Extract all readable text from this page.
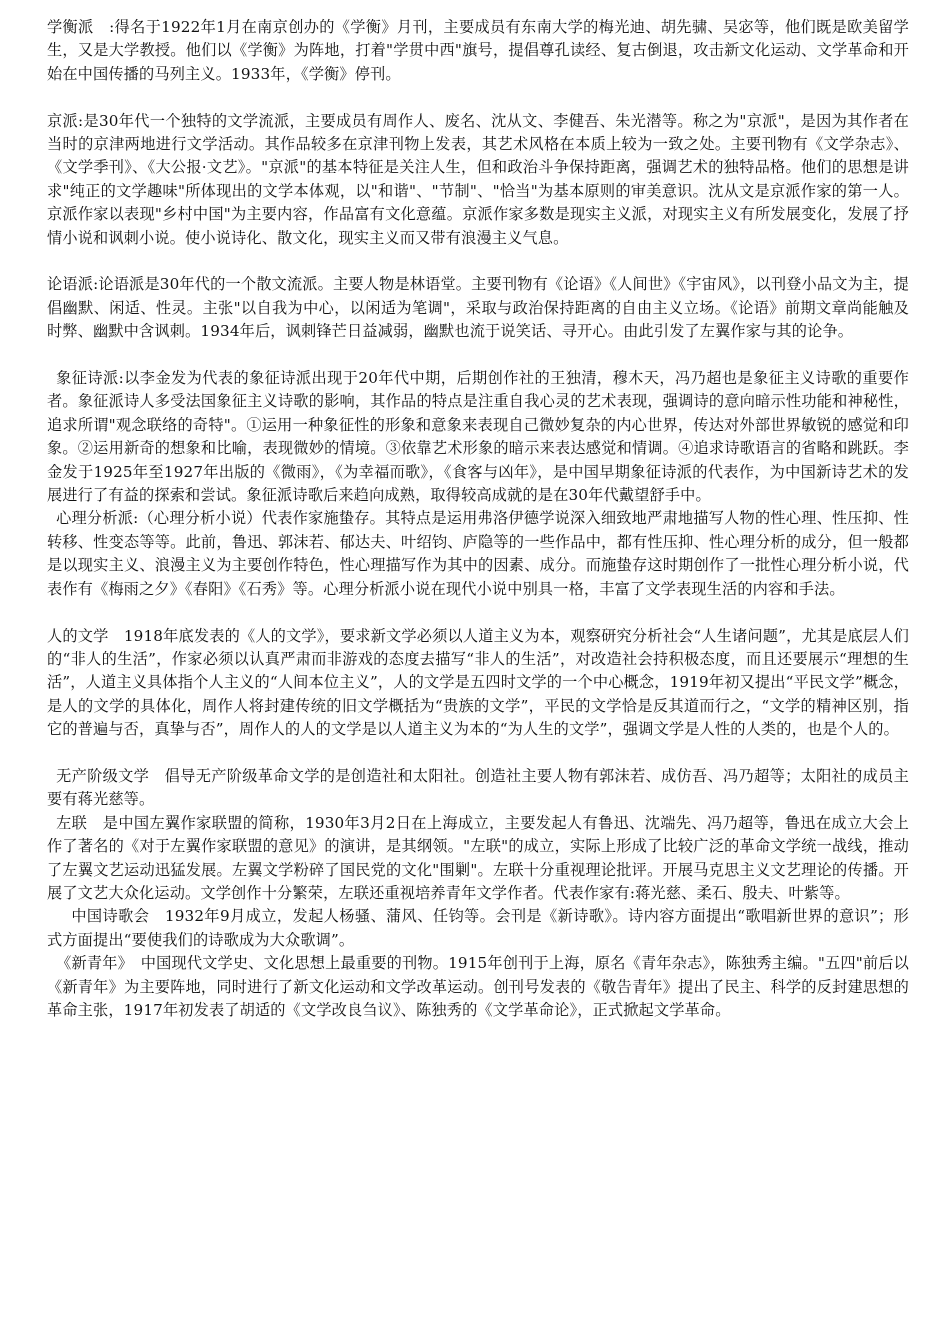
学衡派　:得名于1922年1月在南京创办的《学衡》月刊，主要成员有东南大学的梅光迪、胡先骕、吴宓等，他们既是欧美留学生，又是大学教授。他们以《学衡》为阵地，打着"学贯中西"旗号，提倡尊孔读经、复古倒退，攻击新文化运动、文学革命和开始在中国传播的马列主义。1933年，《学衡》停刊。

京派:是30年代一个独特的文学流派，主要成员有周作人、废名、沈从文、李健吾、朱光潜等。称之为"京派"，是因为其作者在当时的京津两地进行文学活动。其作品较多在京津刊物上发表，其艺术风格在本质上较为一致之处。主要刊物有《文学杂志》、《文学季刊》、《大公报·文艺》。"京派"的基本特征是关注人生，但和政治斗争保持距离，强调艺术的独特品格。他们的思想是讲求"纯正的文学趣味"所体现出的文学本体观，以"和谐"、"节制"、"恰当"为基本原则的审美意识。沈从文是京派作家的第一人。京派作家以表现"乡村中国"为主要内容，作品富有文化意蕴。京派作家多数是现实主义派，对现实主义有所发展变化，发展了抒情小说和讽刺小说。使小说诗化、散文化，现实主义而又带有浪漫主义气息。

论语派:论语派是30年代的一个散文流派。主要人物是林语堂。主要刊物有《论语》《人间世》《宇宙风》，以刊登小品文为主，提倡幽默、闲适、性灵。主张"以自我为中心，以闲适为笔调"，采取与政治保持距离的自由主义立场。《论语》前期文章尚能触及时弊、幽默中含讽刺。1934年后，讽刺锋芒日益减弱，幽默也流于说笑话、寻开心。由此引发了左翼作家与其的论争。

象征诗派:以李金发为代表的象征诗派出现于20年代中期，后期创作社的王独清，穆木天，冯乃超也是象征主义诗歌的重要作者。象征派诗人多受法国象征主义诗歌的影响，其作品的特点是注重自我心灵的艺术表现，强调诗的意向暗示性功能和神秘性，追求所谓"观念联络的奇特"。①运用一种象征性的形象和意象来表现自己微妙复杂的内心世界，传达对外部世界敏锐的感觉和印象。②运用新奇的想象和比喻，表现微妙的情境。③依靠艺术形象的暗示来表达感觉和情调。④追求诗歌语言的省略和跳跃。李金发于1925年至1927年出版的《微雨》，《为幸福而歌》，《食客与凶年》，是中国早期象征诗派的代表作，为中国新诗艺术的发展进行了有益的探索和尝试。象征派诗歌后来趋向成熟，取得较高成就的是在30年代戴望舒手中。

心理分析派:（心理分析小说）代表作家施蛰存。其特点是运用弗洛伊德学说深入细致地严肃地描写人物的性心理、性压抑、性转移、性变态等等。此前，鲁迅、郭沫若、郁达夫、叶绍钧、庐隐等的一些作品中，都有性压抑、性心理分析的成分，但一般都是以现实主义、浪漫主义为主要创作特色，性心理描写作为其中的因素、成分。而施蛰存这时期创作了一批性心理分析小说，代表作有《梅雨之夕》《春阳》《石秀》等。心理分析派小说在现代小说中别具一格，丰富了文学表现生活的内容和手法。

人的文学　1918年底发表的《人的文学》，要求新文学必须以人道主义为本，观察研究分析社会“人生诸问题”，尤其是底层人们的“非人的生活”，作家必须以认真严肃而非游戏的态度去描写“非人的生活”，对改造社会持积极态度，而且还要展示“理想的生活”，人道主义具体指个人主义的“人间本位主义”，人的文学是五四时文学的一个中心概念，1919年初又提出“平民文学”概念，是人的文学的具体化，周作人将封建传统的旧文学概括为“贵族的文学”，平民的文学恰是反其道而行之，“文学的精神区别，指它的普遍与否，真挚与否”，周作人的人的文学是以人道主义为本的“为人生的文学”，强调文学是人性的人类的，也是个人的。

无产阶级文学　倡导无产阶级革命文学的是创造社和太阳社。创造社主要人物有郭沫若、成仿吾、冯乃超等；太阳社的成员主要有蒋光慈等。

左联　是中国左翼作家联盟的简称，1930年3月2日在上海成立，主要发起人有鲁迅、沈端先、冯乃超等，鲁迅在成立大会上作了著名的《对于左翼作家联盟的意见》的演讲，是其纲领。"左联"的成立，实际上形成了比较广泛的革命文学统一战线，推动了左翼文艺运动迅猛发展。左翼文学粉碎了国民党的文化"围剿"。左联十分重视理论批评。开展马克思主义文艺理论的传播。开展了文艺大众化运动。文学创作十分繁荣，左联还重视培养青年文学作者。代表作家有:蒋光慈、柔石、殷夫、叶紫等。

中国诗歌会　1932年9月成立，发起人杨骚、蒲风、任钧等。会刊是《新诗歌》。诗内容方面提出“歌唱新世界的意识”；形式方面提出“要使我们的诗歌成为大众歌调”。

《新青年》　中国现代文学史、文化思想上最重要的刊物。1915年创刊于上海，原名《青年杂志》，陈独秀主编。"五四"前后以《新青年》为主要阵地，同时进行了新文化运动和文学改革运动。创刊号发表的《敬告青年》提出了民主、科学的反封建思想的革命主张，1917年初发表了胡适的《文学改良刍议》、陈独秀的《文学革命论》，正式掀起文学革命。
